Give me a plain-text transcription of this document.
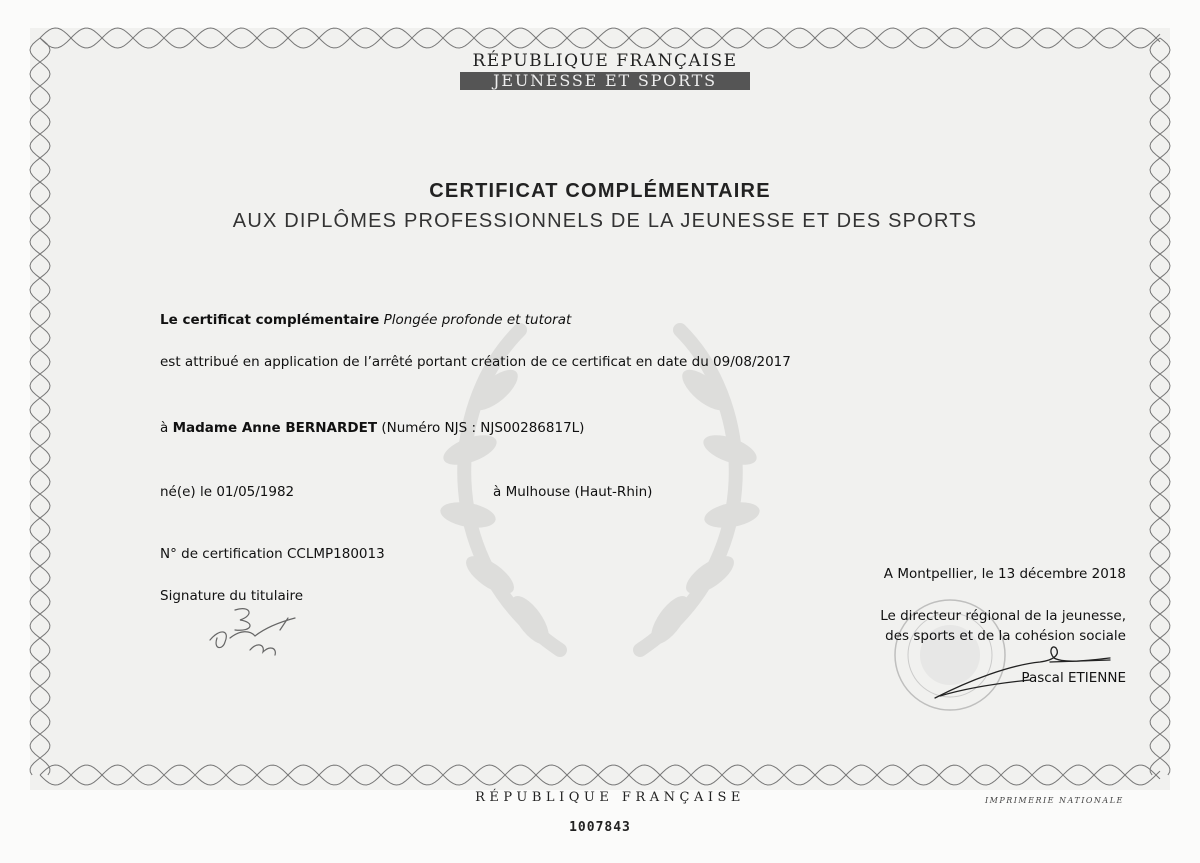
RÉPUBLIQUE FRANÇAISE
JEUNESSE ET SPORTS
CERTIFICAT COMPLÉMENTAIRE
AUX DIPLÔMES PROFESSIONNELS DE LA JEUNESSE ET DES SPORTS
Le certificat complémentaire Plongée profonde et tutorat
est attribué en application de l’arrêté portant création de ce certificat en date du 09/08/2017
à Madame Anne BERNARDET (Numéro NJS : NJS00286817L)
né(e) le 01/05/1982	à Mulhouse (Haut-Rhin)
N° de certification CCLMP180013
Signature du titulaire
A Montpellier, le 13 décembre 2018
Le directeur régional de la jeunesse,
des sports et de la cohésion sociale
Pascal ETIENNE
RÉPUBLIQUE FRANÇAISE	IMPRIMERIE NATIONALE
1007843
